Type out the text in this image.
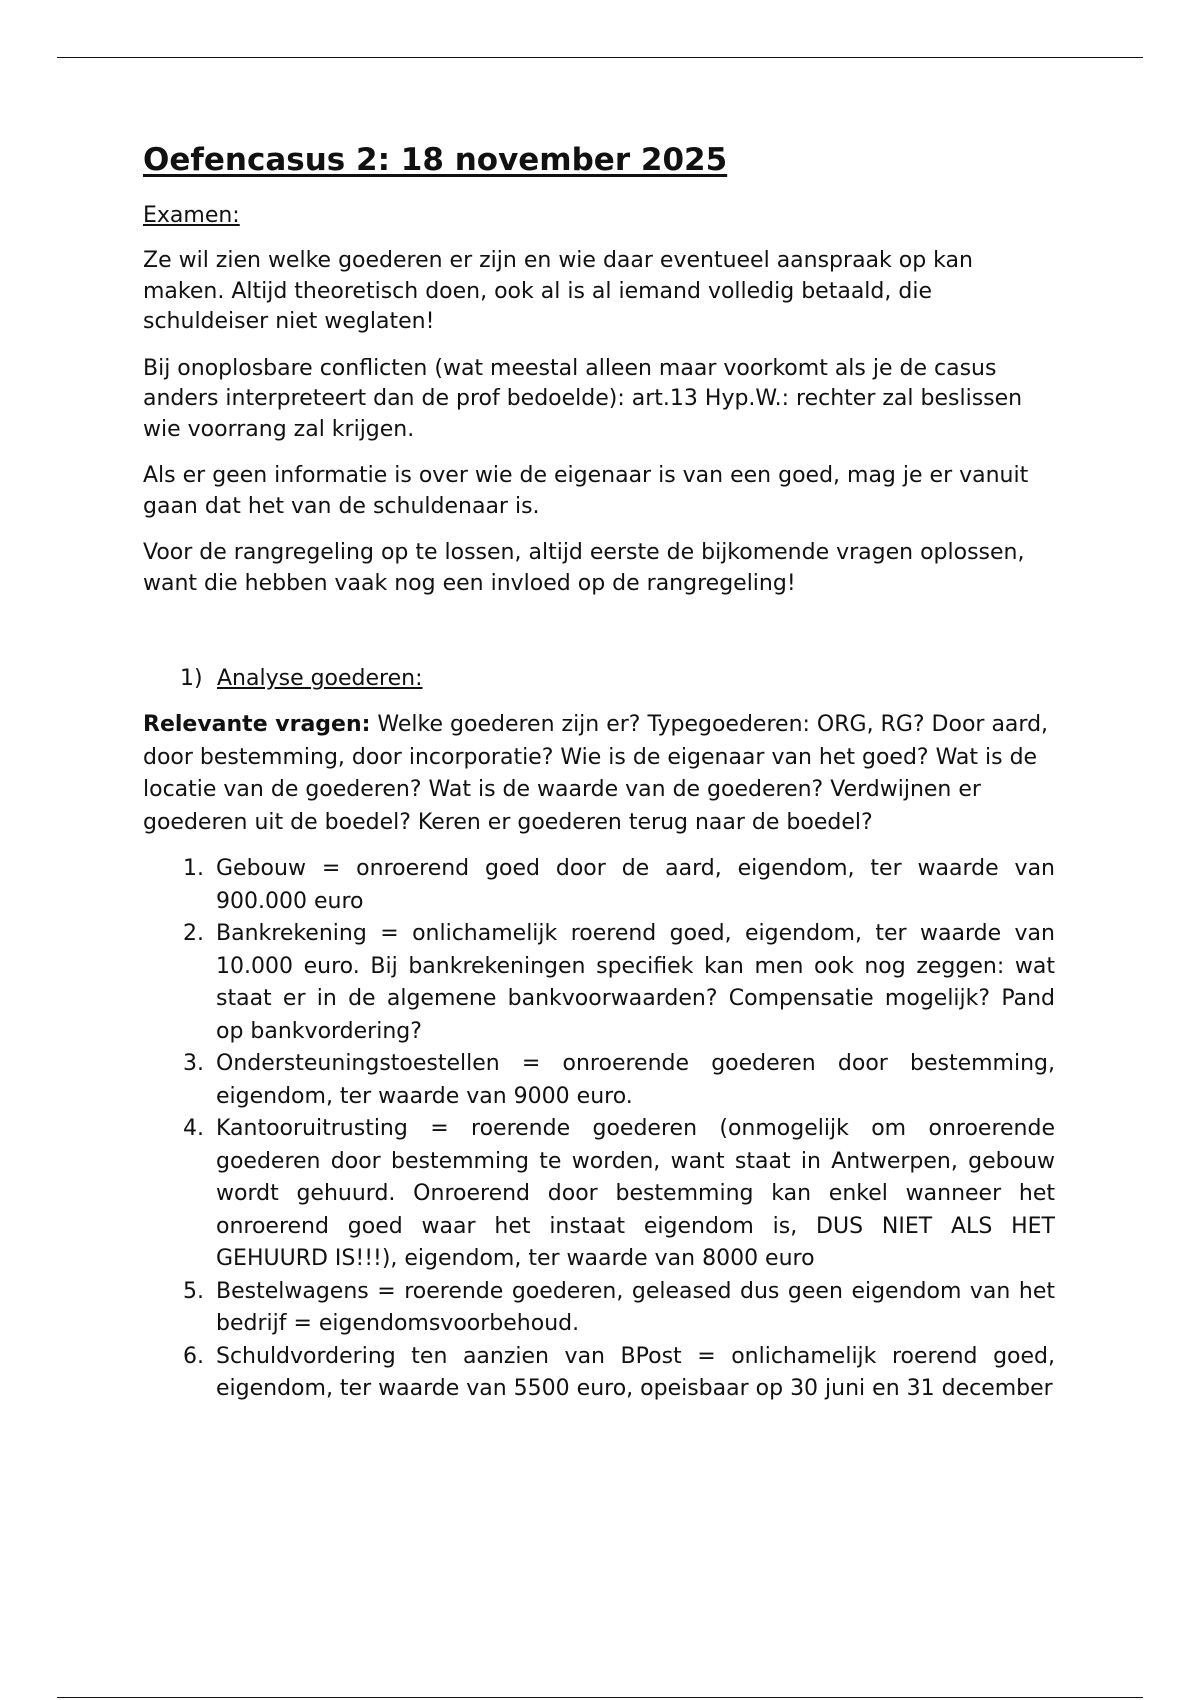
Oefencasus 2: 18 november 2025

Examen:

Ze wil zien welke goederen er zijn en wie daar eventueel aanspraak op kan maken. Altijd theoretisch doen, ook al is al iemand volledig betaald, die schuldeiser niet weglaten!

Bij onoplosbare conflicten (wat meestal alleen maar voorkomt als je de casus anders interpreteert dan de prof bedoelde): art.13 Hyp.W.: rechter zal beslissen wie voorrang zal krijgen.

Als er geen informatie is over wie de eigenaar is van een goed, mag je er vanuit gaan dat het van de schuldenaar is.

Voor de rangregeling op te lossen, altijd eerste de bijkomende vragen oplossen, want die hebben vaak nog een invloed op de rangregeling!

1) Analyse goederen:

Relevante vragen: Welke goederen zijn er? Typegoederen: ORG, RG? Door aard, door bestemming, door incorporatie? Wie is de eigenaar van het goed? Wat is de locatie van de goederen? Wat is de waarde van de goederen? Verdwijnen er goederen uit de boedel? Keren er goederen terug naar de boedel?

1. Gebouw = onroerend goed door de aard, eigendom, ter waarde van 900.000 euro
2. Bankrekening = onlichamelijk roerend goed, eigendom, ter waarde van 10.000 euro. Bij bankrekeningen specifiek kan men ook nog zeggen: wat staat er in de algemene bankvoorwaarden? Compensatie mogelijk? Pand op bankvordering?
3. Ondersteuningstoestellen = onroerende goederen door bestemming, eigendom, ter waarde van 9000 euro.
4. Kantooruitrusting = roerende goederen (onmogelijk om onroerende goederen door bestemming te worden, want staat in Antwerpen, gebouw wordt gehuurd. Onroerend door bestemming kan enkel wanneer het onroerend goed waar het instaat eigendom is, DUS NIET ALS HET GEHUURD IS!!!), eigendom, ter waarde van 8000 euro
5. Bestelwagens = roerende goederen, geleased dus geen eigendom van het bedrijf = eigendomsvoorbehoud.
6. Schuldvordering ten aanzien van BPost = onlichamelijk roerend goed, eigendom, ter waarde van 5500 euro, opeisbaar op 30 juni en 31 december
